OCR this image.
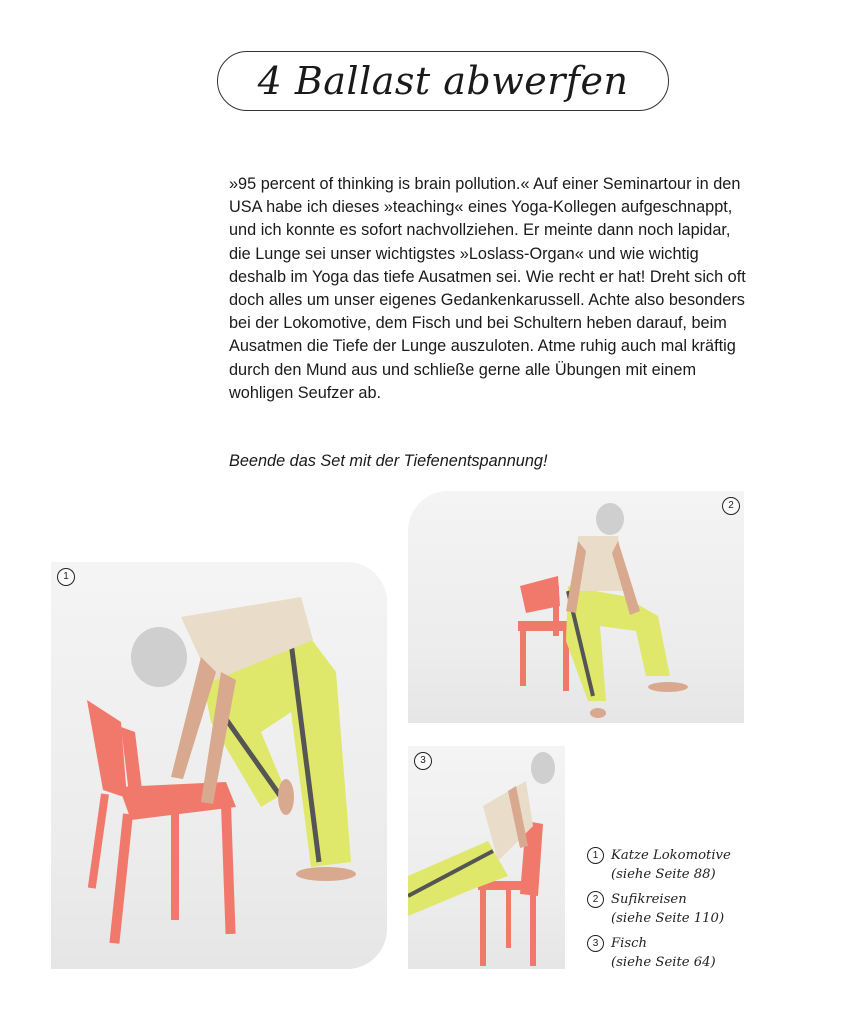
4 Ballast abwerfen

»95 percent of thinking is brain pollution.« Auf einer Seminartour in den USA habe ich dieses »teaching« eines Yoga-Kollegen aufgeschnappt, und ich konnte es sofort nachvollziehen. Er meinte dann noch lapidar, die Lunge sei unser wichtigstes »Loslass-Organ« und wie wichtig deshalb im Yoga das tiefe Ausatmen sei. Wie recht er hat! Dreht sich oft doch alles um unser eigenes Gedankenkarussell. Achte also besonders bei der Lokomotive, dem Fisch und bei Schultern heben darauf, beim Ausatmen die Tiefe der Lunge auszuloten. Atme ruhig auch mal kräftig durch den Mund aus und schließe gerne alle Übungen mit einem wohligen Seufzer ab.

Beende das Set mit der Tiefenentspannung!
1
2
3
1 Katze Lokomotive
(siehe Seite 88)
2 Sufikreisen
(siehe Seite 110)
3 Fisch
(siehe Seite 64)
